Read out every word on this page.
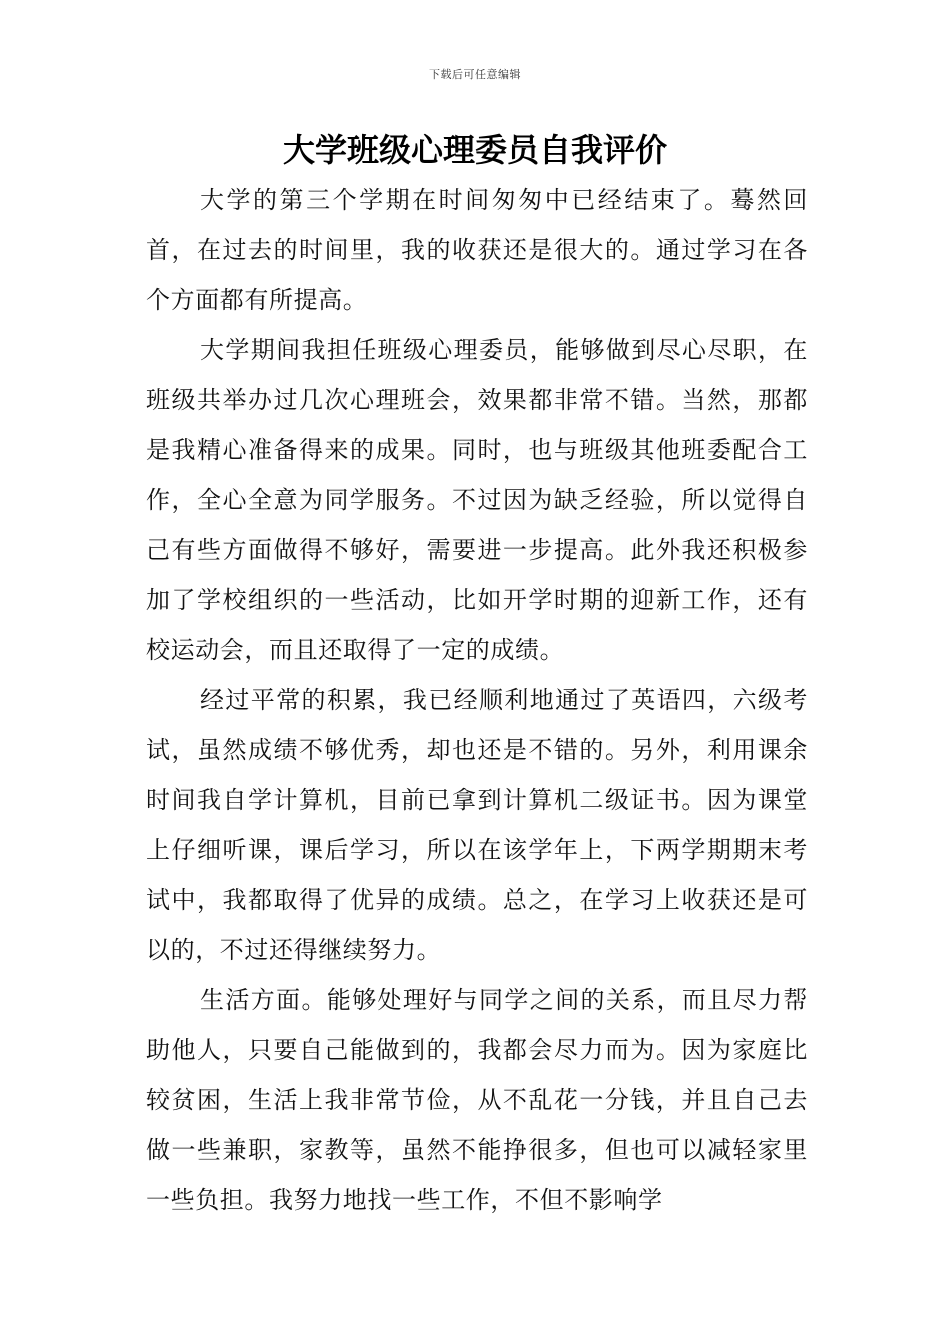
下载后可任意编辑
大学班级心理委员自我评价

大学的第三个学期在时间匆匆中已经结束了。蓦然回首，在过去的时间里，我的收获还是很大的。通过学习在各个方面都有所提高。

大学期间我担任班级心理委员，能够做到尽心尽职，在班级共举办过几次心理班会，效果都非常不错。当然，那都是我精心准备得来的成果。同时，也与班级其他班委配合工作，全心全意为同学服务。不过因为缺乏经验，所以觉得自己有些方面做得不够好，需要进一步提高。此外我还积极参加了学校组织的一些活动，比如开学时期的迎新工作，还有校运动会，而且还取得了一定的成绩。

经过平常的积累，我已经顺利地通过了英语四，六级考试，虽然成绩不够优秀，却也还是不错的。另外，利用课余时间我自学计算机，目前已拿到计算机二级证书。因为课堂上仔细听课，课后学习，所以在该学年上，下两学期期末考试中，我都取得了优异的成绩。总之，在学习上收获还是可以的，不过还得继续努力。

生活方面。能够处理好与同学之间的关系，而且尽力帮助他人，只要自己能做到的，我都会尽力而为。因为家庭比较贫困，生活上我非常节俭，从不乱花一分钱，并且自己去做一些兼职，家教等，虽然不能挣很多，但也可以减轻家里一些负担。我努力地找一些工作，不但不影响学
